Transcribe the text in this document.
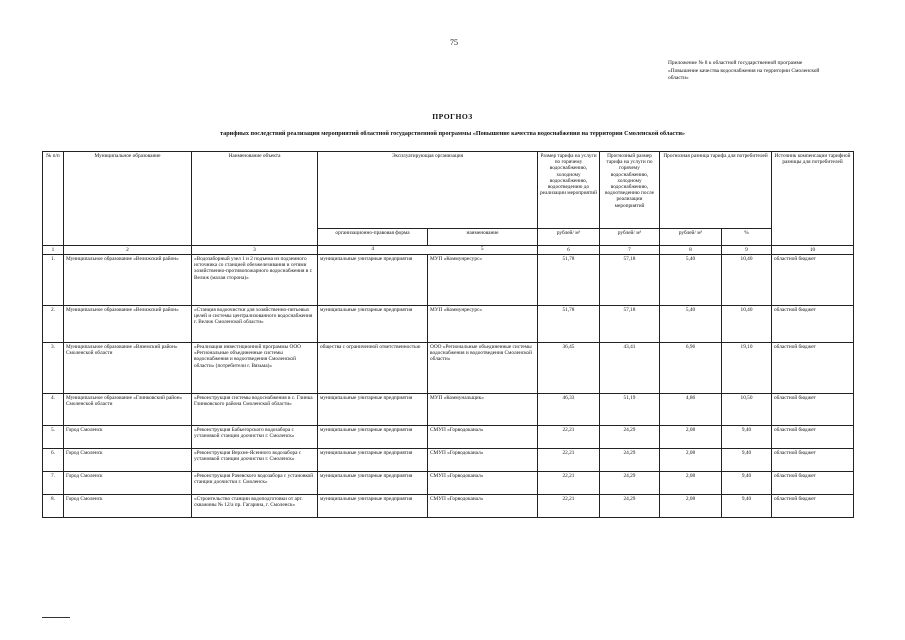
75
Приложение № 8 к областной государственной программе «Повышение качества водоснабжения на территории Смоленской области»
ПРОГНОЗ
тарифных последствий реализации мероприятий областной государственной программы «Повышение качества водоснабжения на территории Смоленской области»
№ п/п	Муниципальное образование	Наименование объекта	Эксплуатирующая организация		Размер тарифа на услуги по горячему водоснабжению, холодному водоснабжению, водоотведению до реализации мероприятий	Прогнозный размер тарифа на услуги по горячему водоснабжению, холодному водоснабжению, водоотведению после реализации мероприятий	Прогнозная разница тарифа для потребителей		Источник компенсации тарифной разницы для потребителей
			организационно-правовая форма	наименование	рублей/ м³	рублей/ м³	рублей/ м³	%	
1	2	3	4 5		6	7	8	9	10
1.	Муниципальное образование «Велижский район»	«Водозаборный узел 1 и 2 подъема из подземного источника со станцией обезжелезивания и сетями хозяйственно-противопожарного водоснабжения в г. Велиж (малая сторона)»	муниципальные унитарные предприятия	МУП «Коммунресурс»	51,78	57,18	5,40	10,40	областной бюджет
2.	Муниципальное образование «Велижский район»	«Станция водоочистки для хозяйственно-питьевых целей и системы централизованного водоснабжения г. Велиж Смоленской области»	муниципальные унитарные предприятия	МУП «Коммунресурс»	51,78	57,18	5,40	10,40	областной бюджет
3.	Муниципальное образование «Вяземский район» Смоленской области	«Реализация инвестиционной программы ООО «Региональные объединенные системы водоснабжения и водоотведения Смоленской области» (потребители г. Вязьма)»	общества с ограниченной ответственностью	ООО «Региональные объединенные системы водоснабжения и водоотведения Смоленской области»	36,45	43,41	6,96	19,10	областной бюджет
4.	Муниципальное образование «Глинковский район» Смоленской области	«Реконструкция системы водоснабжения в с. Глинка Глинковского района Смоленской области»	муниципальные унитарные предприятия	МУП «Коммунальщик»	46,33	51,19	4,86	10,50	областной бюджет
5.	Город Смоленск	«Реконструкция Бабьегорского водозабора с установкой станции доочистки г. Смоленск»	муниципальные унитарные предприятия	СМУП «Горводоканал»	22,21	24,29	2,08	9,40	областной бюджет
6.	Город Смоленск	«Реконструкция Верхне-Ясенного водозабора с установкой станции доочистки г. Смоленск»	муниципальные унитарные предприятия	СМУП «Горводоканал»	22,21	24,29	2,08	9,40	областной бюджет
7.	Город Смоленск	«Реконструкция Рачевского водозабора с установкой станции доочистки г. Смоленск»	муниципальные унитарные предприятия	СМУП «Горводоканал»	22,21	24,29	2,08	9,40	областной бюджет
8.	Город Смоленск	«Строительство станции водоподготовки от арт. скважины № 12/а пр. Гагарина, г. Смоленск»	муниципальные унитарные предприятия	СМУП «Горводоканал»	22,21	24,29	2,08	9,40	областной бюджет
